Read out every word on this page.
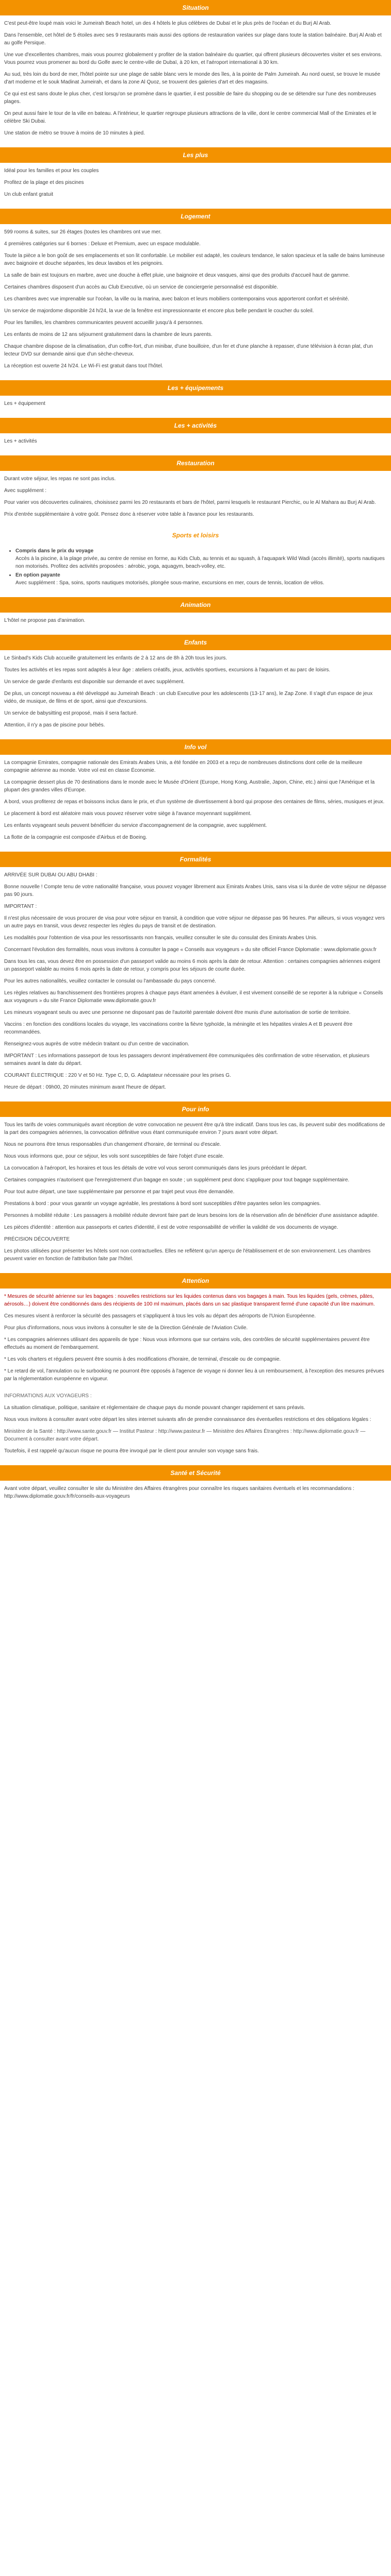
Situation

C'est peut-être loupé mais voici le Jumeirah Beach hotel, un des 4 hôtels le plus célèbres de Dubaï et le plus près de l'océan et du Burj Al Arab.

Dans l'ensemble, cet hôtel de 5 étoiles avec ses 9 restaurants mais aussi des options de restauration variées sur plage dans toute la station balnéaire. Burj Al Arab et au golfe Persique.

Une vue d'excellentes chambres, mais vous pourrez globalement y profiter de la station balnéaire du quartier, qui offrent plusieurs découvertes visiter et ses environs. Vous pourrez vous promener au bord du Golfe avec le centre-ville de Dubaï, à 20 km, et l'aéroport international à 30 km.

Au sud, très loin du bord de mer, l'hôtel pointe sur une plage de sable blanc vers le monde des îles, à la pointe de Palm Jumeirah. Au nord ouest, se trouve le musée d'art moderne et le souk Madinat Jumeirah, et dans la zone Al Quoz, se trouvent des galeries d'art et des magasins.

Ce qui est est sans doute le plus cher, c'est lorsqu'on se promène dans le quartier, il est possible de faire du shopping ou de se détendre sur l'une des nombreuses plages.

On peut aussi faire le tour de la ville en bateau. A l'intérieur, le quartier regroupe plusieurs attractions de la ville, dont le centre commercial Mall of the Emirates et le célèbre Ski Dubai.

Une station de métro se trouve à moins de 10 minutes à pied.

Les plus

Idéal pour les familles et pour les couples

Profitez de la plage et des piscines

Un club enfant gratuit

Logement

599 rooms & suites, sur 26 étages (toutes les chambres ont vue mer.

4 premières catégories sur 6 bornes : Deluxe et Premium, avec un espace modulable.

Toute la pièce a le bon goût de ses emplacements et son lit confortable. Le mobilier est adapté, les couleurs tendance, le salon spacieux et la salle de bains lumineuse avec baignoire et douche séparées, les deux lavabos et les peignoirs.

La salle de bain est toujours en marbre, avec une douche à effet pluie, une baignoire et deux vasques, ainsi que des produits d'accueil haut de gamme.

Certaines chambres disposent d'un accès au Club Executive, où un service de conciergerie personnalisé est disponible.

Les chambres avec vue imprenable sur l'océan, la ville ou la marina, avec balcon et leurs mobiliers contemporains vous apporteront confort et sérénité.

Un service de majordome disponible 24 h/24, la vue de la fenêtre est impressionnante et encore plus belle pendant le coucher du soleil.

Pour les familles, les chambres communicantes peuvent accueillir jusqu'à 4 personnes.

Les enfants de moins de 12 ans séjournent gratuitement dans la chambre de leurs parents.

Chaque chambre dispose de la climatisation, d'un coffre-fort, d'un minibar, d'une bouilloire, d'un fer et d'une planche à repasser, d'une télévision à écran plat, d'un lecteur DVD sur demande ainsi que d'un sèche-cheveux.

La réception est ouverte 24 h/24. Le Wi-Fi est gratuit dans tout l'hôtel.

Les + équipements

Les + équipement

Les + activités

Les + activités

Restauration

Durant votre séjour, les repas ne sont pas inclus.

Avec supplément :

Pour varier vos découvertes culinaires, choisissez parmi les 20 restaurants et bars de l'hôtel, parmi lesquels le restaurant Pierchic, ou le Al Mahara au Burj Al Arab.

Prix d'entrée supplémentaire à votre goût. Pensez donc à réserver votre table à l'avance pour les restaurants.

Sports et loisirs
• Compris dans le prix du voyage
Accès à la piscine, à la plage privée, au centre de remise en forme, au Kids Club, au tennis et au squash, à l'aquapark Wild Wadi (accès illimité), sports nautiques non motorisés. Profitez des activités proposées : aérobic, yoga, aquagym, beach-volley, etc.
• En option payante
Avec supplément : Spa, soins, sports nautiques motorisés, plongée sous-marine, excursions en mer, cours de tennis, location de vélos.
Animation

L'hôtel ne propose pas d'animation.

Enfants

Le Sinbad's Kids Club accueille gratuitement les enfants de 2 à 12 ans de 8h à 20h tous les jours.

Toutes les activités et les repas sont adaptés à leur âge : ateliers créatifs, jeux, activités sportives, excursions à l'aquarium et au parc de loisirs.

Un service de garde d'enfants est disponible sur demande et avec supplément.

De plus, un concept nouveau a été développé au Jumeirah Beach : un club Executive pour les adolescents (13-17 ans), le Zap Zone. Il s'agit d'un espace de jeux vidéo, de musique, de films et de sport, ainsi que d'excursions.

Un service de babysitting est proposé, mais il sera facturé.

Attention, il n'y a pas de piscine pour bébés.

Info vol

La compagnie Emirates, compagnie nationale des Emirats Arabes Unis, a été fondée en 2003 et a reçu de nombreuses distinctions dont celle de la meilleure compagnie aérienne au monde. Votre vol est en classe Économie.

La compagnie dessert plus de 70 destinations dans le monde avec le Musée d'Orient (Europe, Hong Kong, Australie, Japon, Chine, etc.) ainsi que l'Amérique et la plupart des grandes villes d'Europe.

A bord, vous profiterez de repas et boissons inclus dans le prix, et d'un système de divertissement à bord qui propose des centaines de films, séries, musiques et jeux.

Le placement à bord est aléatoire mais vous pouvez réserver votre siège à l'avance moyennant supplément.

Les enfants voyageant seuls peuvent bénéficier du service d'accompagnement de la compagnie, avec supplément.

La flotte de la compagnie est composée d'Airbus et de Boeing.

Formalités

ARRIVÉE SUR DUBAI OU ABU DHABI :

Bonne nouvelle ! Compte tenu de votre nationalité française, vous pouvez voyager librement aux Emirats Arabes Unis, sans visa si la durée de votre séjour ne dépasse pas 90 jours.

IMPORTANT :

Il n'est plus nécessaire de vous procurer de visa pour votre séjour en transit, à condition que votre séjour ne dépasse pas 96 heures. Par ailleurs, si vous voyagez vers un autre pays en transit, vous devez respecter les règles du pays de transit et de destination.

Les modalités pour l'obtention de visa pour les ressortissants non français, veuillez consulter le site du consulat des Emirats Arabes Unis.

Concernant l'évolution des formalités, nous vous invitons à consulter la page « Conseils aux voyageurs » du site officiel France Diplomatie : www.diplomatie.gouv.fr

Dans tous les cas, vous devez être en possession d'un passeport valide au moins 6 mois après la date de retour. Attention : certaines compagnies aériennes exigent un passeport valable au moins 6 mois après la date de retour, y compris pour les séjours de courte durée.

Pour les autres nationalités, veuillez contacter le consulat ou l'ambassade du pays concerné.

Les règles relatives au franchissement des frontières propres à chaque pays étant amenées à évoluer, il est vivement conseillé de se reporter à la rubrique « Conseils aux voyageurs » du site France Diplomatie www.diplomatie.gouv.fr

Les mineurs voyageant seuls ou avec une personne ne disposant pas de l'autorité parentale doivent être munis d'une autorisation de sortie de territoire.

Vaccins : en fonction des conditions locales du voyage, les vaccinations contre la fièvre typhoïde, la méningite et les hépatites virales A et B peuvent être recommandées.

Renseignez-vous auprès de votre médecin traitant ou d'un centre de vaccination.

IMPORTANT : Les informations passeport de tous les passagers devront impérativement être communiquées dès confirmation de votre réservation, et plusieurs semaines avant la date du départ.

COURANT ÉLECTRIQUE : 220 V et 50 Hz. Type C, D, G. Adaptateur nécessaire pour les prises G.

Heure de départ : 09h00, 20 minutes minimum avant l'heure de départ.

Pour info

Tous les tarifs de voies communiqués avant réception de votre convocation ne peuvent être qu'à titre indicatif. Dans tous les cas, ils peuvent subir des modifications de la part des compagnies aériennes, la convocation définitive vous étant communiquée environ 7 jours avant votre départ.

Nous ne pourrons être tenus responsables d'un changement d'horaire, de terminal ou d'escale.

Nous vous informons que, pour ce séjour, les vols sont susceptibles de faire l'objet d'une escale.

La convocation à l'aéroport, les horaires et tous les détails de votre vol vous seront communiqués dans les jours précédant le départ.

Certaines compagnies n'autorisent que l'enregistrement d'un bagage en soute ; un supplément peut donc s'appliquer pour tout bagage supplémentaire.

Pour tout autre départ, une taxe supplémentaire par personne et par trajet peut vous être demandée.

Prestations à bord : pour vous garantir un voyage agréable, les prestations à bord sont susceptibles d'être payantes selon les compagnies.

Personnes à mobilité réduite : Les passagers à mobilité réduite devront faire part de leurs besoins lors de la réservation afin de bénéficier d'une assistance adaptée.

Les pièces d'identité : attention aux passeports et cartes d'identité, il est de votre responsabilité de vérifier la validité de vos documents de voyage.

PRÉCISION DÉCOUVERTE

Les photos utilisées pour présenter les hôtels sont non contractuelles. Elles ne reflètent qu'un aperçu de l'établissement et de son environnement. Les chambres peuvent varier en fonction de l'attribution faite par l'hôtel.

Attention

* Mesures de sécurité aérienne sur les bagages : nouvelles restrictions sur les liquides contenus dans vos bagages à main. Tous les liquides (gels, crèmes, pâtes, aérosols…) doivent être conditionnés dans des récipients de 100 ml maximum, placés dans un sac plastique transparent fermé d'une capacité d'un litre maximum.

Ces mesures visent à renforcer la sécurité des passagers et s'appliquent à tous les vols au départ des aéroports de l'Union Européenne.

Pour plus d'informations, nous vous invitons à consulter le site de la Direction Générale de l'Aviation Civile.

* Les compagnies aériennes utilisant des appareils de type : Nous vous informons que sur certains vols, des contrôles de sécurité supplémentaires peuvent être effectués au moment de l'embarquement.

* Les vols charters et réguliers peuvent être soumis à des modifications d'horaire, de terminal, d'escale ou de compagnie.

* Le retard de vol, l'annulation ou le surbooking ne pourront être opposés à l'agence de voyage ni donner lieu à un remboursement, à l'exception des mesures prévues par la réglementation européenne en vigueur.

INFORMATIONS AUX VOYAGEURS :

La situation climatique, politique, sanitaire et réglementaire de chaque pays du monde pouvant changer rapidement et sans préavis.

Nous vous invitons à consulter avant votre départ les sites internet suivants afin de prendre connaissance des éventuelles restrictions et des obligations légales :

Ministère de la Santé : http://www.sante.gouv.fr — Institut Pasteur : http://www.pasteur.fr — Ministère des Affaires Étrangères : http://www.diplomatie.gouv.fr — Document à consulter avant votre départ.

Toutefois, il est rappelé qu'aucun risque ne pourra être invoqué par le client pour annuler son voyage sans frais.

Santé et Sécurité

Avant votre départ, veuillez consulter le site du Ministère des Affaires étrangères pour connaître les risques sanitaires éventuels et les recommandations : http://www.diplomatie.gouv.fr/fr/conseils-aux-voyageurs
